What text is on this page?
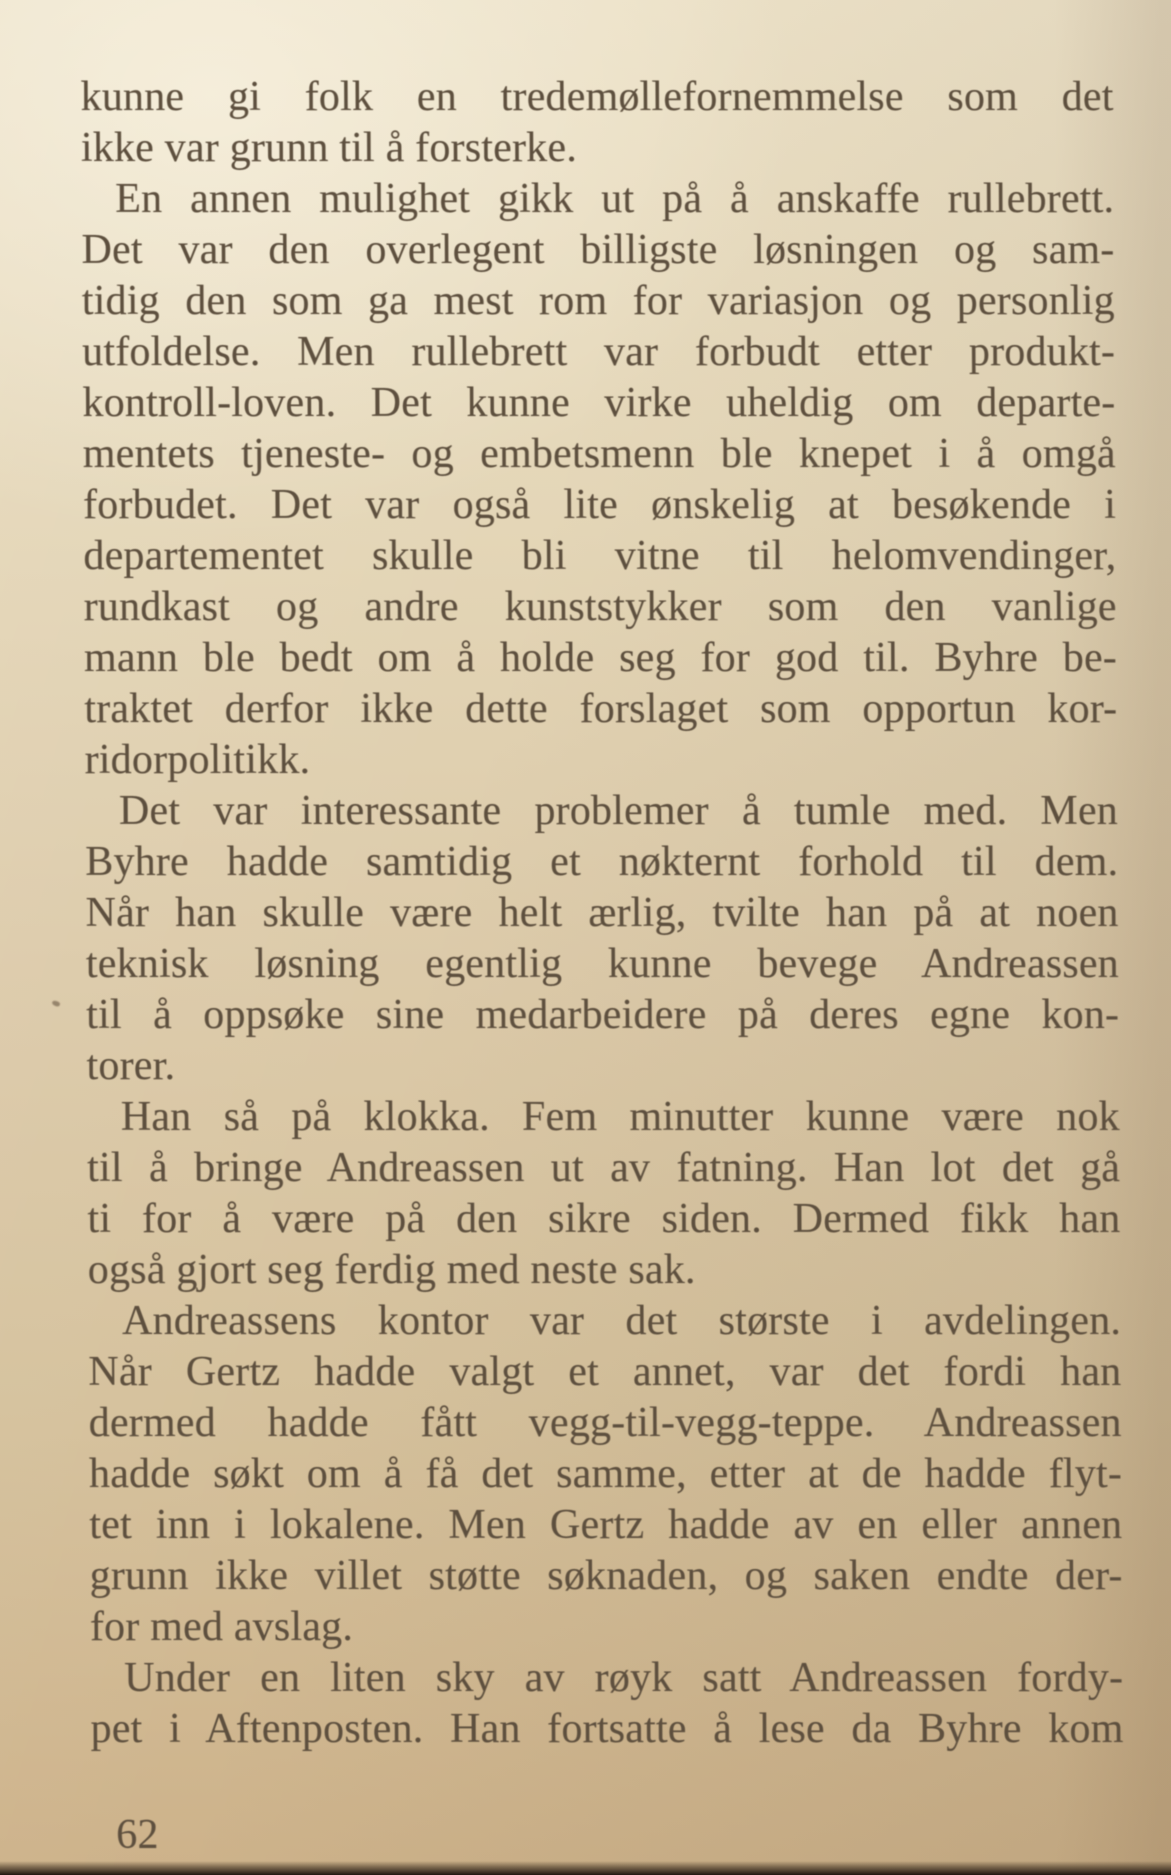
kunne gi folk en tredemøllefornemmelse som det
ikke var grunn til å forsterke.
En annen mulighet gikk ut på å anskaffe rullebrett.
Det var den overlegent billigste løsningen og sam-
tidig den som ga mest rom for variasjon og personlig
utfoldelse. Men rullebrett var forbudt etter produkt-
kontroll-loven. Det kunne virke uheldig om departe-
mentets tjeneste- og embetsmenn ble knepet i å omgå
forbudet. Det var også lite ønskelig at besøkende i
departementet skulle bli vitne til helomvendinger,
rundkast og andre kunststykker som den vanlige
mann ble bedt om å holde seg for god til. Byhre be-
traktet derfor ikke dette forslaget som opportun kor-
ridorpolitikk.
Det var interessante problemer å tumle med. Men
Byhre hadde samtidig et nøkternt forhold til dem.
Når han skulle være helt ærlig, tvilte han på at noen
teknisk løsning egentlig kunne bevege Andreassen
til å oppsøke sine medarbeidere på deres egne kon-
torer.
Han så på klokka. Fem minutter kunne være nok
til å bringe Andreassen ut av fatning. Han lot det gå
ti for å være på den sikre siden. Dermed fikk han
også gjort seg ferdig med neste sak.
Andreassens kontor var det største i avdelingen.
Når Gertz hadde valgt et annet, var det fordi han
dermed hadde fått vegg-til-vegg-teppe. Andreassen
hadde søkt om å få det samme, etter at de hadde flyt-
tet inn i lokalene. Men Gertz hadde av en eller annen
grunn ikke villet støtte søknaden, og saken endte der-
for med avslag.
Under en liten sky av røyk satt Andreassen fordy-
pet i Aftenposten. Han fortsatte å lese da Byhre kom
62
